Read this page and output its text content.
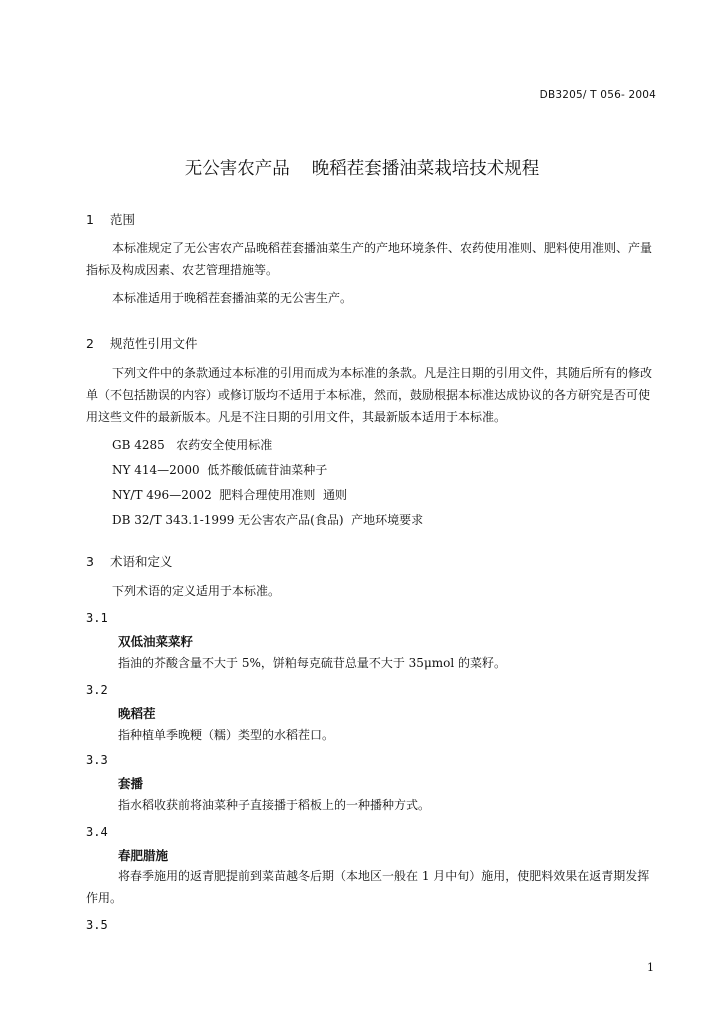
DB3205/ T 056- 2004
无公害农产品 晚稻茬套播油菜栽培技术规程
1 范围
本标准规定了无公害农产品晚稻茬套播油菜生产的产地环境条件、农药使用准则、肥料使用准则、产量指标及构成因素、农艺管理措施等。
本标准适用于晚稻茬套播油菜的无公害生产。
2 规范性引用文件
下列文件中的条款通过本标准的引用而成为本标准的条款。凡是注日期的引用文件，其随后所有的修改单（不包括勘误的内容）或修订版均不适用于本标准，然而，鼓励根据本标准达成协议的各方研究是否可使用这些文件的最新版本。凡是不注日期的引用文件，其最新版本适用于本标准。
GB 4285   农药安全使用标准
NY 414—2000  低芥酸低硫苷油菜种子
NY/T 496—2002  肥料合理使用准则  通则
DB 32/T 343.1-1999 无公害农产品(食品)  产地环境要求
3 术语和定义
下列术语的定义适用于本标准。
3.1
双低油菜菜籽
指油的芥酸含量不大于 5%，饼粕每克硫苷总量不大于 35μmol 的菜籽。
3.2
晚稻茬
指种植单季晚粳（糯）类型的水稻茬口。
3.3
套播
指水稻收获前将油菜种子直接播于稻板上的一种播种方式。
3.4
春肥腊施
将春季施用的返青肥提前到菜苗越冬后期（本地区一般在 1 月中旬）施用，使肥料效果在返青期发挥作用。
3.5
1
